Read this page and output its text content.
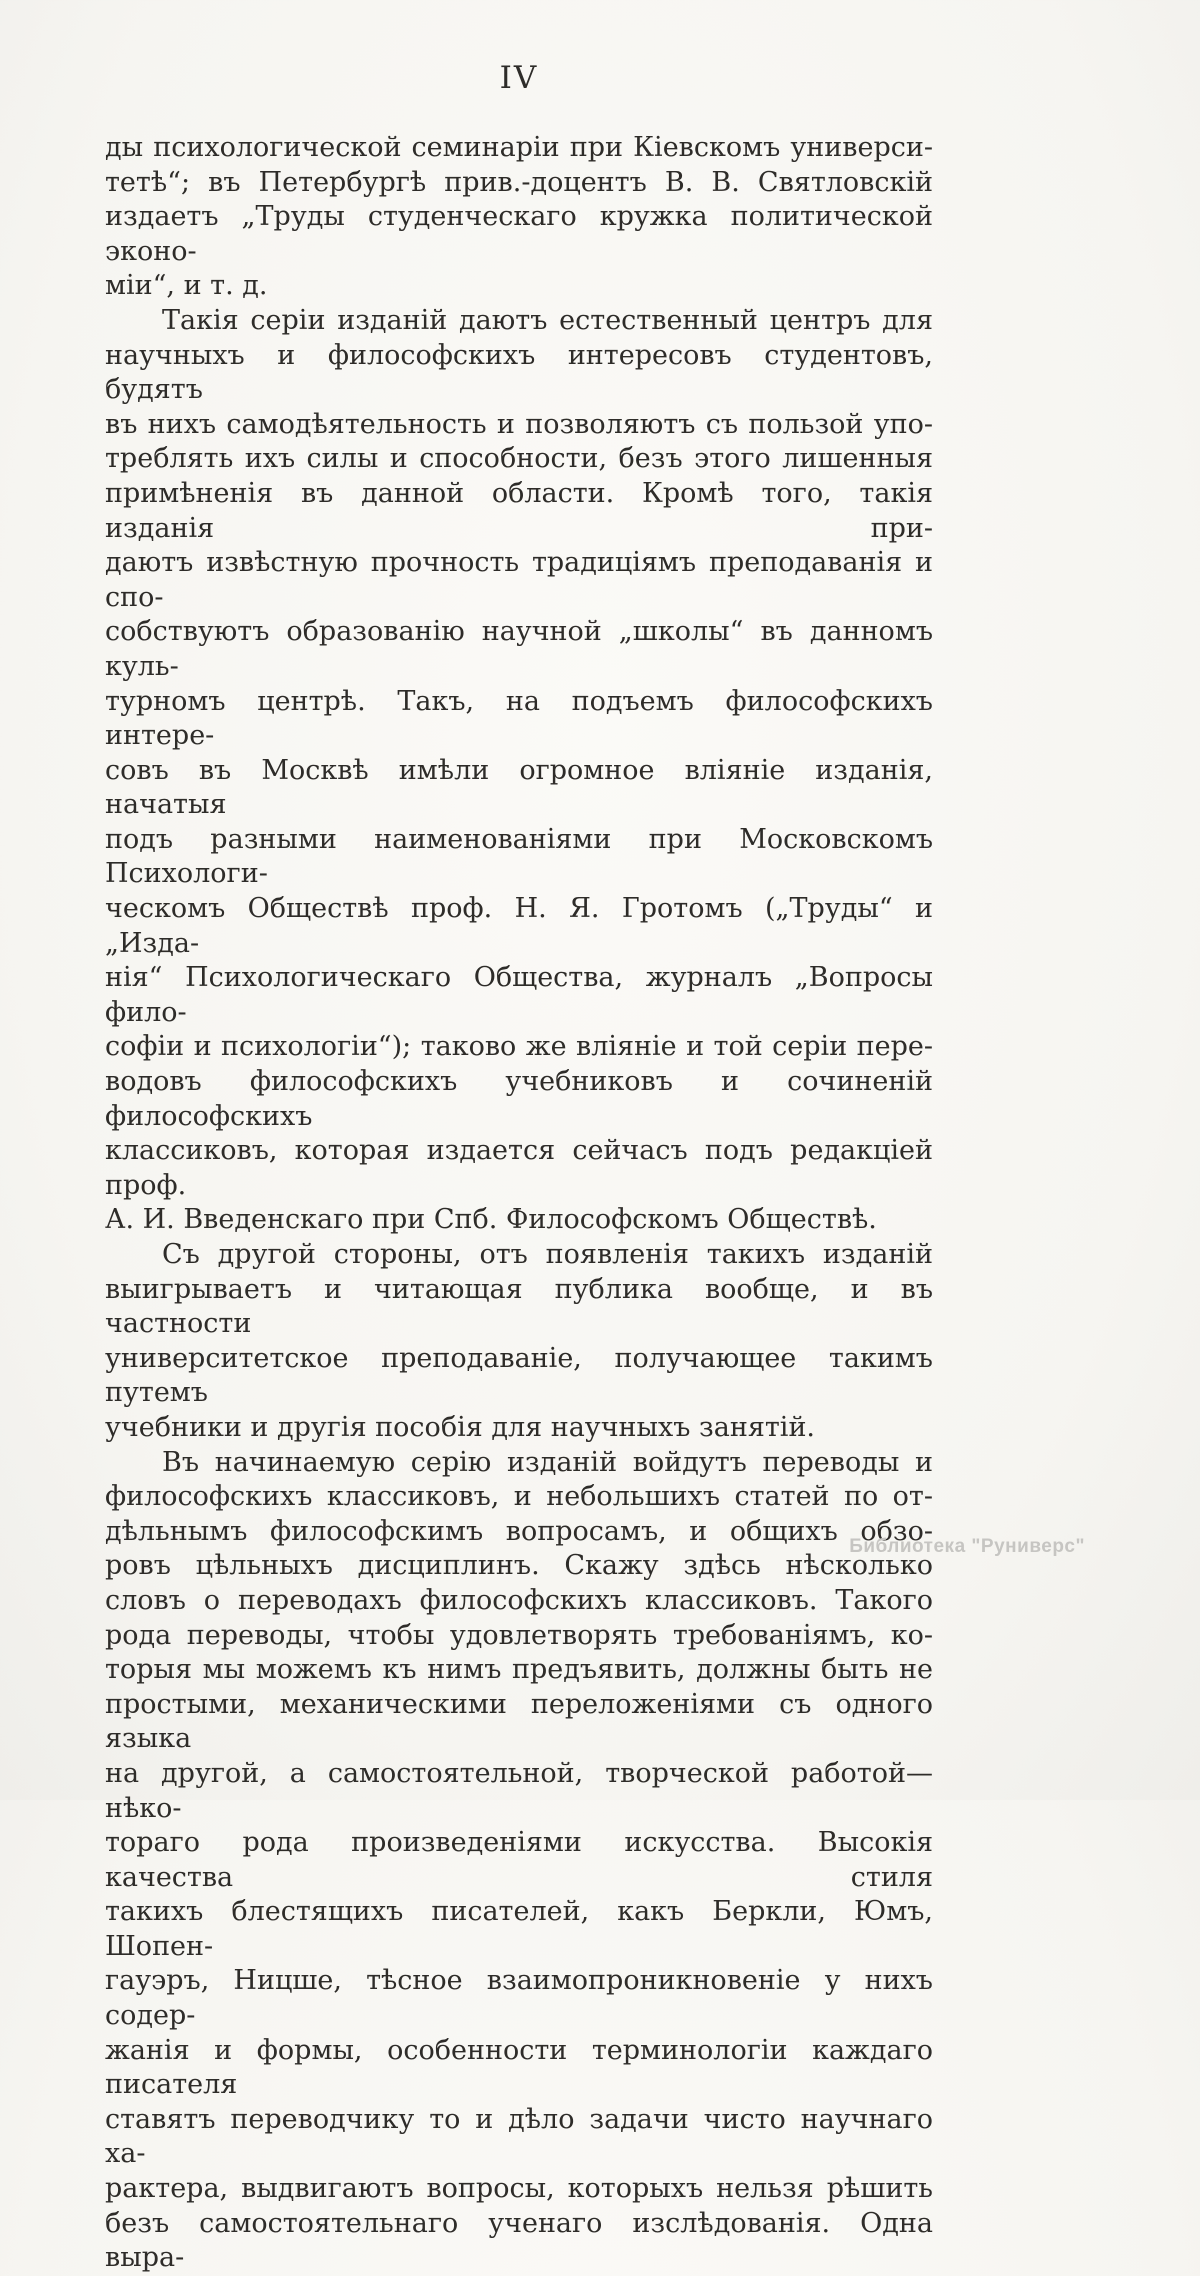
IV
ды психологической семинаріи при Кіевскомъ универси-
тетѣ“; въ Петербургѣ прив.-доцентъ В. В. Святловскій
издаетъ „Труды студенческаго кружка политической эконо-
міи“, и т. д.
Такія серіи изданій даютъ естественный центръ для
научныхъ и философскихъ интересовъ студентовъ, будятъ
въ нихъ самодѣятельность и позволяютъ съ пользой упо-
треблять ихъ силы и способности, безъ этого лишенныя
примѣненія въ данной области. Кромѣ того, такія изданія при-
даютъ извѣстную прочность традиціямъ преподаванія и спо-
собствуютъ образованію научной „школы“ въ данномъ куль-
турномъ центрѣ. Такъ, на подъемъ философскихъ интере-
совъ въ Москвѣ имѣли огромное вліяніе изданія, начатыя
подъ разными наименованіями при Московскомъ Психологи-
ческомъ Обществѣ проф. Н. Я. Гротомъ („Труды“ и „Изда-
нія“ Психологическаго Общества, журналъ „Вопросы фило-
софіи и психологіи“); таково же вліяніе и той серіи пере-
водовъ философскихъ учебниковъ и сочиненій философскихъ
классиковъ, которая издается сейчасъ подъ редакціей проф.
А. И. Введенскаго при Спб. Философскомъ Обществѣ.
Съ другой стороны, отъ появленія такихъ изданій
выигрываетъ и читающая публика вообще, и въ частности
университетское преподаваніе, получающее такимъ путемъ
учебники и другія пособія для научныхъ занятій.
Въ начинаемую серію изданій войдутъ переводы и
философскихъ классиковъ, и небольшихъ статей по от-
дѣльнымъ философскимъ вопросамъ, и общихъ обзо-
ровъ цѣльныхъ дисциплинъ. Скажу здѣсь нѣсколько
словъ о переводахъ философскихъ классиковъ. Такого
рода переводы, чтобы удовлетворять требованіямъ, ко-
торыя мы можемъ къ нимъ предъявить, должны быть не
простыми, механическими переложеніями съ одного языка
на другой, а самостоятельной, творческой работой—нѣко-
тораго рода произведеніями искусства. Высокія качества стиля
такихъ блестящихъ писателей, какъ Беркли, Юмъ, Шопен-
гауэръ, Ницше, тѣсное взаимопроникновеніе у нихъ содер-
жанія и формы, особенности терминологіи каждаго писателя
ставятъ переводчику то и дѣло задачи чисто научнаго ха-
рактера, выдвигаютъ вопросы, которыхъ нельзя рѣшить
безъ самостоятельнаго ученаго изслѣдованія. Одна выра-
Библиотека "Руниверс"
